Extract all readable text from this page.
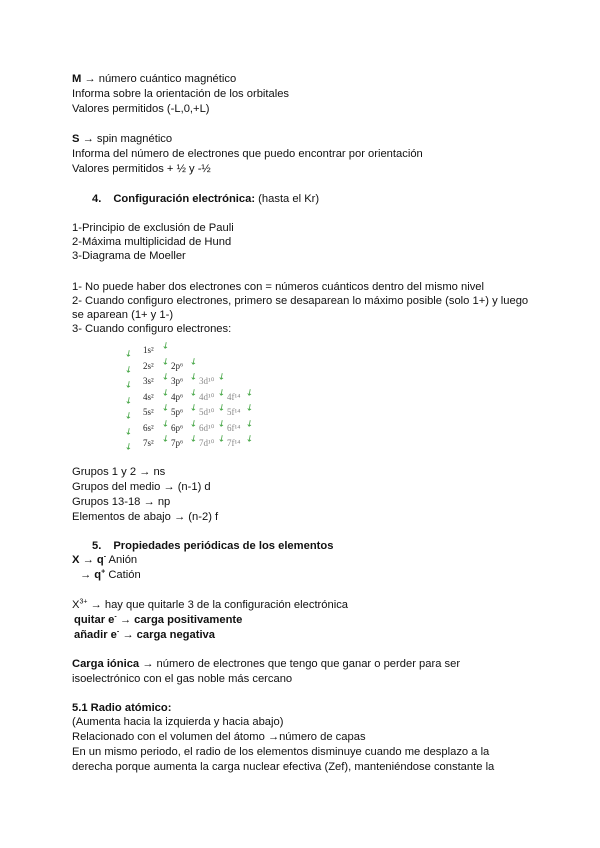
M → número cuántico magnético
Informa sobre la orientación de los orbitales
Valores permitidos (-L,0,+L)
S → spin magnético
Informa del número de electrones que puedo encontrar por orientación
Valores permitidos + ½ y -½
4. Configuración electrónica: (hasta el Kr)
1-Principio de exclusión de Pauli
2-Máxima multiplicidad de Hund
3-Diagrama de Moeller
1- No puede haber dos electrones con = números cuánticos dentro del mismo nivel
2- Cuando configuro electrones, primero se desaparean lo máximo posible (solo 1+) y luego
se aparean (1+ y 1-)
3- Cuando configuro electrones:
1s²
↙
↙
2s² 2p⁶
↙
↙ ↙
3s² 3p⁶ 3d¹⁰
↙
↙ ↙ ↙
4s² 4p⁶ 4d¹⁰ 4f¹⁴
↙
↙ ↙ ↙ ↙
5s² 5p⁶ 5d¹⁰ 5f¹⁴
↙
↙ ↙ ↙ ↙
6s² 6p⁶ 6d¹⁰ 6f¹⁴
↙
↙ ↙ ↙ ↙
7s² 7p⁶ 7d¹⁰ 7f¹⁴
↙
↙ ↙ ↙ ↙
Grupos 1 y 2 → ns
Grupos del medio → (n-1) d
Grupos 13-18 → np
Elementos de abajo → (n-2) f
5. Propiedades periódicas de los elementos
X → q- Anión
→ q+ Catión
$X^{3+}$ → hay que quitarle 3 de la configuración electrónica
quitar e- → carga positivamente
añadir e- → carga negativa
Carga iónica → número de electrones que tengo que ganar o perder para ser
isoelectrónico con el gas noble más cercano
5.1 Radio atómico:
(Aumenta hacia la izquierda y hacia abajo)
Relacionado con el volumen del átomo →número de capas
En un mismo periodo, el radio de los elementos disminuye cuando me desplazo a la
derecha porque aumenta la carga nuclear efectiva (Zef), manteniéndose constante la
